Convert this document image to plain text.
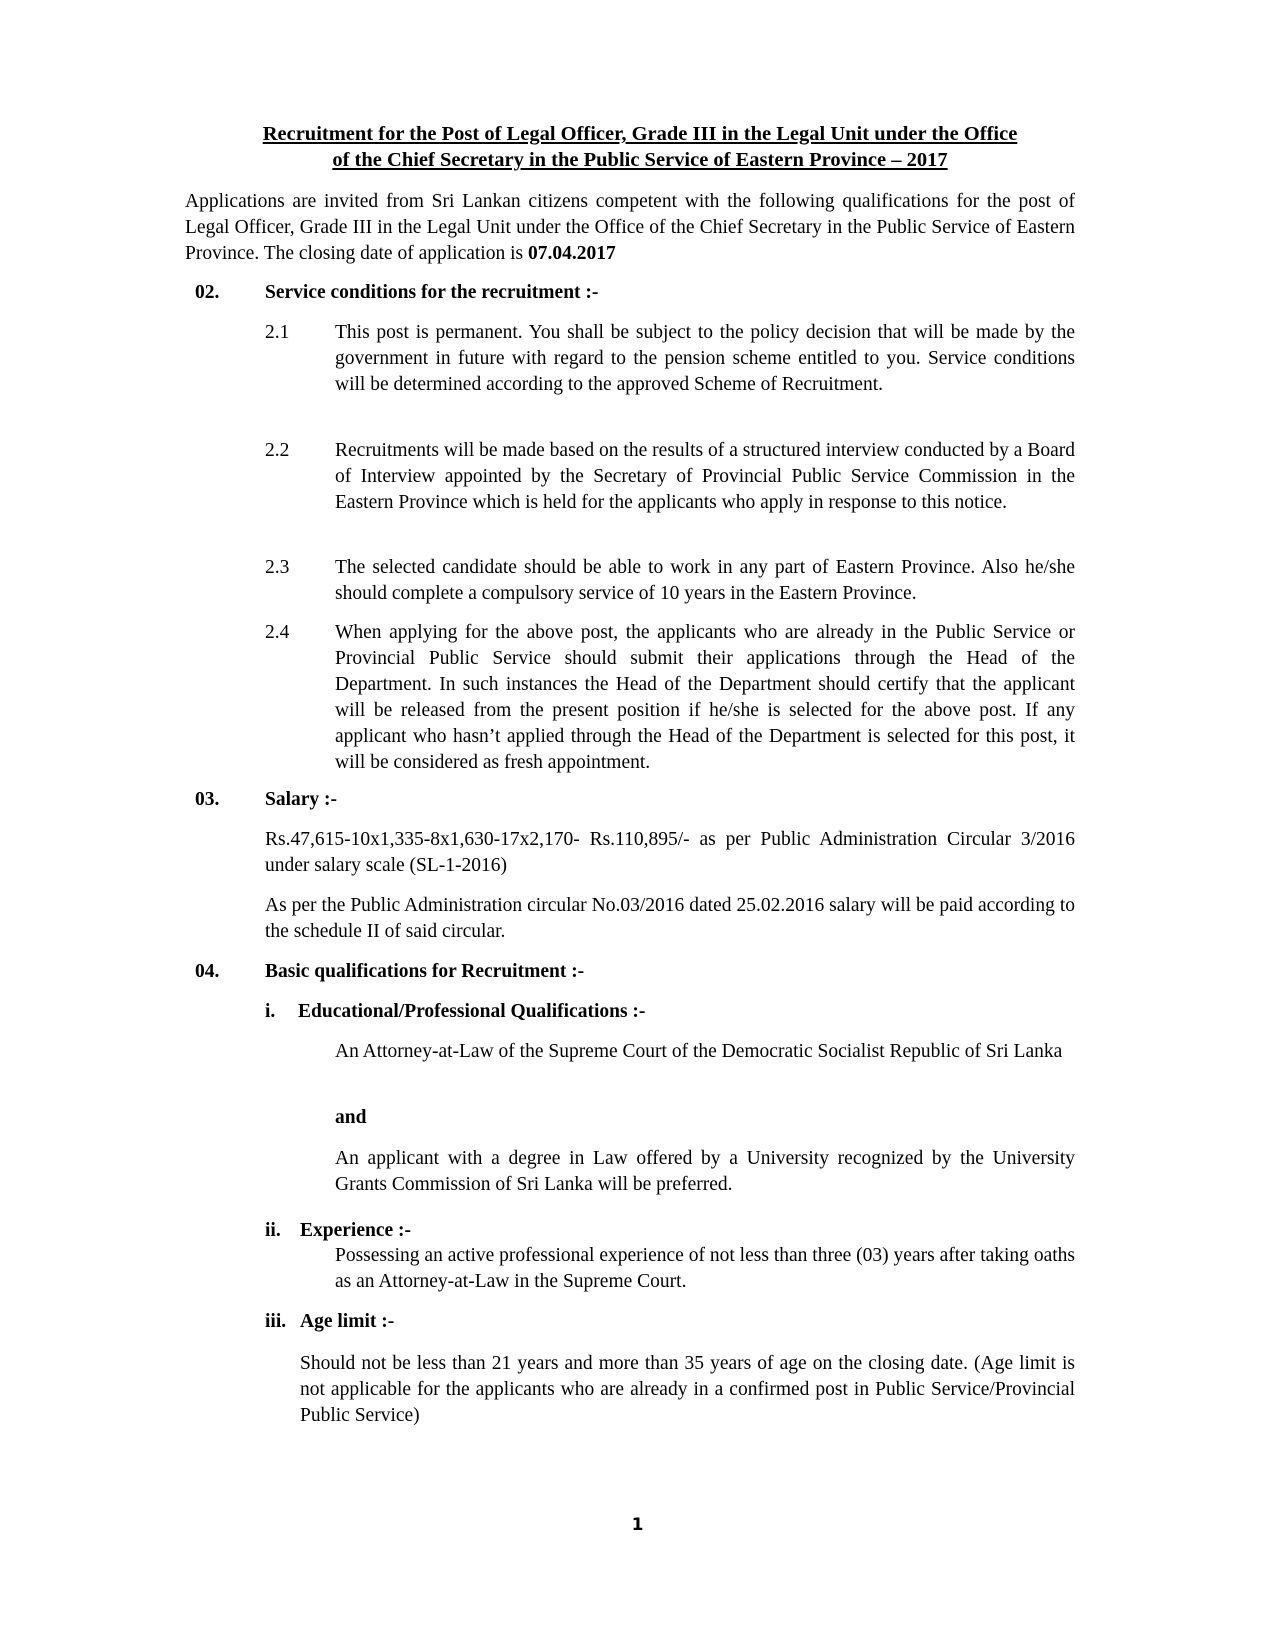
Recruitment for the Post of Legal Officer, Grade III in the Legal Unit under the Office
of the Chief Secretary in the Public Service of Eastern Province – 2017
Applications are invited from Sri Lankan citizens competent with the following qualifications for the post of Legal Officer, Grade III in the Legal Unit under the Office of the Chief Secretary in the Public Service of Eastern Province. The closing date of application is 07.04.2017
02. Service conditions for the recruitment :-
2.1 This post is permanent. You shall be subject to the policy decision that will be made by the government in future with regard to the pension scheme entitled to you. Service conditions will be determined according to the approved Scheme of Recruitment.
2.2 Recruitments will be made based on the results of a structured interview conducted by a Board of Interview appointed by the Secretary of Provincial Public Service Commission in the Eastern Province which is held for the applicants who apply in response to this notice.
2.3 The selected candidate should be able to work in any part of Eastern Province. Also he/she should complete a compulsory service of 10 years in the Eastern Province.
2.4 When applying for the above post, the applicants who are already in the Public Service or Provincial Public Service should submit their applications through the Head of the Department. In such instances the Head of the Department should certify that the applicant will be released from the present position if he/she is selected for the above post. If any applicant who hasn’t applied through the Head of the Department is selected for this post, it will be considered as fresh appointment.
03. Salary :-
Rs.47,615-10x1,335-8x1,630-17x2,170- Rs.110,895/- as per Public Administration Circular 3/2016 under salary scale (SL-1-2016)
As per the Public Administration circular No.03/2016 dated 25.02.2016 salary will be paid according to the schedule II of said circular.
04. Basic qualifications for Recruitment :-
i. Educational/Professional Qualifications :-
An Attorney-at-Law of the Supreme Court of the Democratic Socialist Republic of Sri Lanka
and
An applicant with a degree in Law offered by a University recognized by the University Grants Commission of Sri Lanka will be preferred.
ii. Experience :-
Possessing an active professional experience of not less than three (03) years after taking oaths as an Attorney-at-Law in the Supreme Court.
iii. Age limit :-
Should not be less than 21 years and more than 35 years of age on the closing date. (Age limit is not applicable for the applicants who are already in a confirmed post in Public Service/Provincial Public Service)
1
